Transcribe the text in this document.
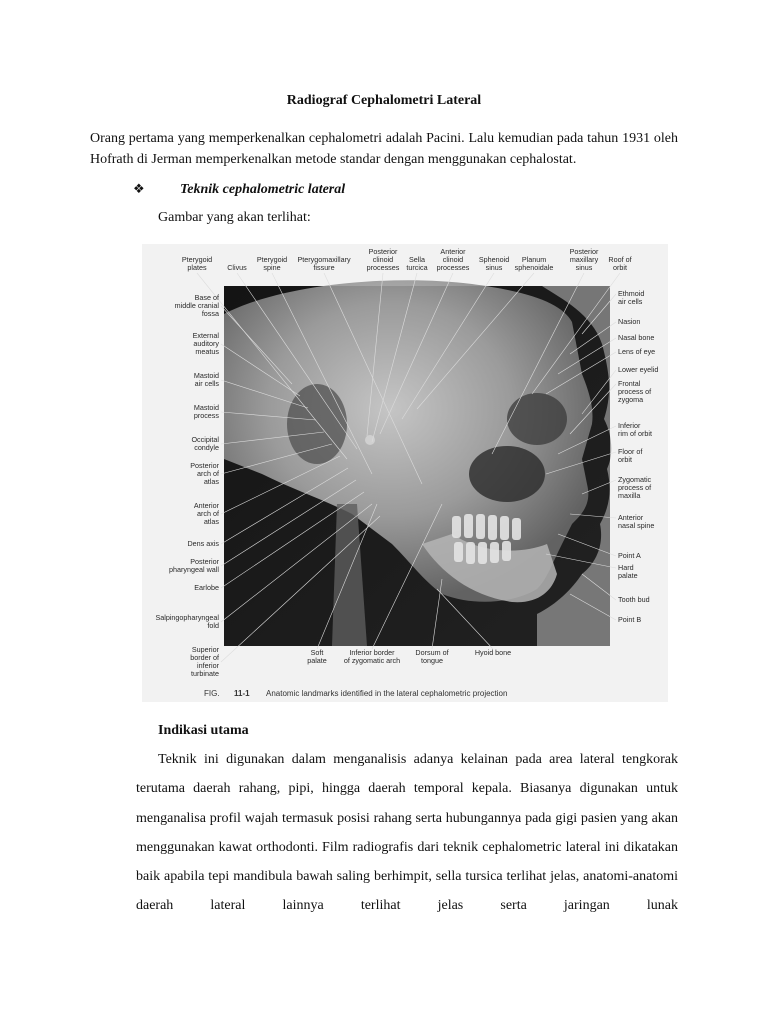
Radiograf Cephalometri Lateral

Orang pertama yang memperkenalkan cephalometri adalah Pacini. Lalu kemudian pada tahun 1931 oleh Hofrath di Jerman memperkenalkan metode standar dengan menggunakan cephalostat.

❖	Teknik cephalometric lateral
Gambar yang akan terlihat:
Pterygoid plates	Clivus
Pterygoid spine
Pterygomaxillary fissure
Posterior clinoid processes
Sella turcica
Anterior clinoid processes
Sphenoid sinus
Planum sphenoidale
Posterior maxillary sinus
Roof of orbit
Base of middle cranial fossa
External auditory meatus
Mastoid air cells
Mastoid process
Occipital condyle
Posterior arch of atlas
Anterior arch of atlas
Dens axis
Posterior pharyngeal wall
Earlobe
Salpingopharyngeal fold
Superior border of inferior turbinate
Ethmoid air cells
Nasion
Nasal bone
Lens of eye
Lower eyelid
Frontal process of zygoma
Inferior rim of orbit
Floor of orbit
Zygomatic process of maxilla
Anterior nasal spine
Point A
Hard palate
Tooth bud
Point B
Soft palate
Inferior border of zygomatic arch
Dorsum of tongue
Hyoid bone
FIG. 11-1 Anatomic landmarks identified in the lateral cephalometric projection
Indikasi utama

Teknik ini digunakan dalam menganalisis adanya kelainan pada area lateral tengkorak terutama daerah rahang, pipi, hingga daerah temporal kepala. Biasanya digunakan untuk menganalisa profil wajah termasuk posisi rahang serta hubungannya pada gigi pasien yang akan menggunakan kawat orthodonti. Film radiografis dari teknik cephalometric lateral ini dikatakan baik apabila tepi mandibula bawah saling berhimpit, sella tursica terlihat jelas, anatomi-anatomi daerah lateral lainnya terlihat jelas serta jaringan lunak
